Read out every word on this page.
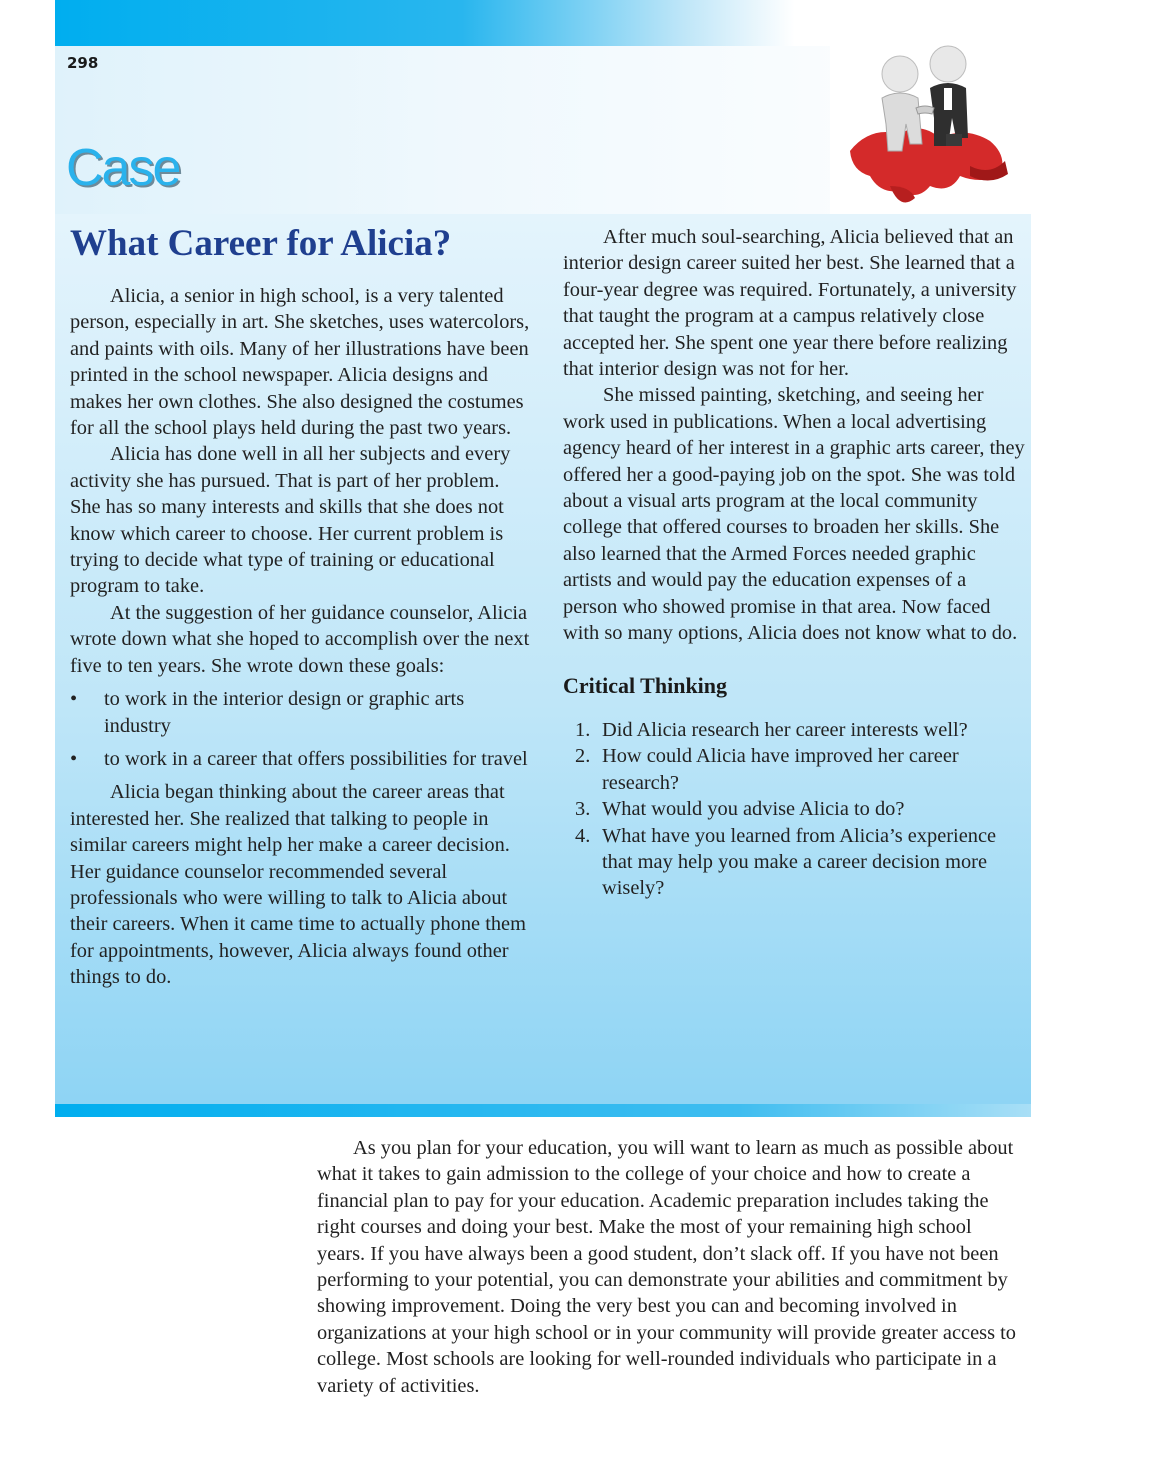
298
Case
What Career for Alicia?

Alicia, a senior in high school, is a very talented person, especially in art. She sketches, uses watercolors, and paints with oils. Many of her illustrations have been printed in the school newspaper. Alicia designs and makes her own clothes. She also designed the costumes for all the school plays held during the past two years.

Alicia has done well in all her subjects and every activity she has pursued. That is part of her problem. She has so many interests and skills that she does not know which career to choose. Her current problem is trying to decide what type of training or educational program to take.

At the suggestion of her guidance counselor, Alicia wrote down what she hoped to accomplish over the next five to ten years. She wrote down these goals:

• to work in the interior design or graphic arts industry
• to work in a career that offers possibilities for travel

Alicia began thinking about the career areas that interested her. She realized that talking to people in similar careers might help her make a career decision. Her guidance counselor recommended several professionals who were willing to talk to Alicia about their careers. When it came time to actually phone them for appointments, however, Alicia always found other things to do.

After much soul-searching, Alicia believed that an interior design career suited her best. She learned that a four-year degree was required. Fortunately, a university that taught the program at a campus relatively close accepted her. She spent one year there before realizing that interior design was not for her.

She missed painting, sketching, and seeing her work used in publications. When a local advertising agency heard of her interest in a graphic arts career, they offered her a good-paying job on the spot. She was told about a visual arts program at the local community college that offered courses to broaden her skills. She also learned that the Armed Forces needed graphic artists and would pay the education expenses of a person who showed promise in that area. Now faced with so many options, Alicia does not know what to do.

Critical Thinking
1. Did Alicia research her career interests well?
2. How could Alicia have improved her career research?
3. What would you advise Alicia to do?
4. What have you learned from Alicia’s experience that may help you make a career decision more wisely?

As you plan for your education, you will want to learn as much as possible about what it takes to gain admission to the college of your choice and how to create a financial plan to pay for your education. Academic preparation includes taking the right courses and doing your best. Make the most of your remaining high school years. If you have always been a good student, don’t slack off. If you have not been performing to your potential, you can demonstrate your abilities and commitment by showing improvement. Doing the very best you can and becoming involved in organizations at your high school or in your community will provide greater access to college. Most schools are looking for well-rounded individuals who participate in a variety of activities.
